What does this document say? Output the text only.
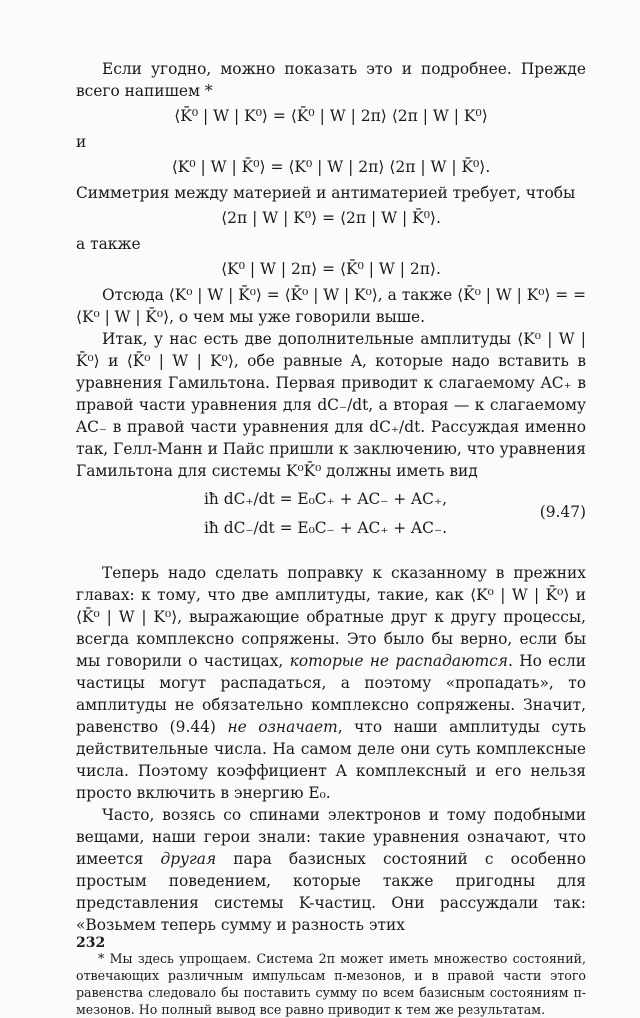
Если угодно, можно показать это и подробнее. Прежде всего напишем *

⟨K̄⁰ | W | K⁰⟩ = ⟨K̄⁰ | W | 2π⟩ ⟨2π | W | K⁰⟩
и
⟨K⁰ | W | K̄⁰⟩ = ⟨K⁰ | W | 2π⟩ ⟨2π | W | K̄⁰⟩.

Симметрия между материей и антиматерией требует, чтобы

⟨2π | W | K⁰⟩ = ⟨2π | W | K̄⁰⟩.
а также
⟨K⁰ | W | 2π⟩ = ⟨K̄⁰ | W | 2π⟩.

Отсюда ⟨K⁰ | W | K̄⁰⟩ = ⟨K̄⁰ | W | K⁰⟩, а также ⟨K̄⁰ | W | K⁰⟩ = = ⟨K⁰ | W | K̄⁰⟩, о чем мы уже говорили выше.

Итак, у нас есть две дополнительные амплитуды ⟨K⁰ | W | K̄⁰⟩ и ⟨K̄⁰ | W | K⁰⟩, обе равные A, которые надо вставить в уравнения Гамильтона. Первая приводит к слагаемому AC₊ в правой части уравнения для dC₋/dt, а вторая — к слагаемому AC₋ в правой части уравнения для dC₊/dt. Рассуждая именно так, Гелл-Манн и Пайс пришли к заключению, что уравнения Гамильтона для системы K⁰K̄⁰ должны иметь вид

iħ dC₊/dt = E₀C₊ + AC₋ + AC₊,
iħ dC₋/dt = E₀C₋ + AC₊ + AC₋.
(9.47)

Теперь надо сделать поправку к сказанному в прежних главах: к тому, что две амплитуды, такие, как ⟨K⁰ | W | K̄⁰⟩ и ⟨K̄⁰ | W | K⁰⟩, выражающие обратные друг к другу процессы, всегда комплексно сопряжены. Это было бы верно, если бы мы говорили о частицах, которые не распадаются. Но если частицы могут распадаться, а поэтому «пропадать», то амплитуды не обязательно комплексно сопряжены. Значит, равенство (9.44) не означает, что наши амплитуды суть действительные числа. На самом деле они суть комплексные числа. Поэтому коэффициент A комплексный и его нельзя просто включить в энергию E₀.

Часто, возясь со спинами электронов и тому подобными вещами, наши герои знали: такие уравнения означают, что имеется другая пара базисных состояний с особенно простым поведением, которые также пригодны для представления системы K-частиц. Они рассуждали так: «Возьмем теперь сумму и разность этих

* Мы здесь упрощаем. Система 2π может иметь множество состояний, отвечающих различным импульсам π-мезонов, и в правой части этого равенства следовало бы поставить сумму по всем базисным состояниям π-мезонов. Но полный вывод все равно приводит к тем же результатам.

232
